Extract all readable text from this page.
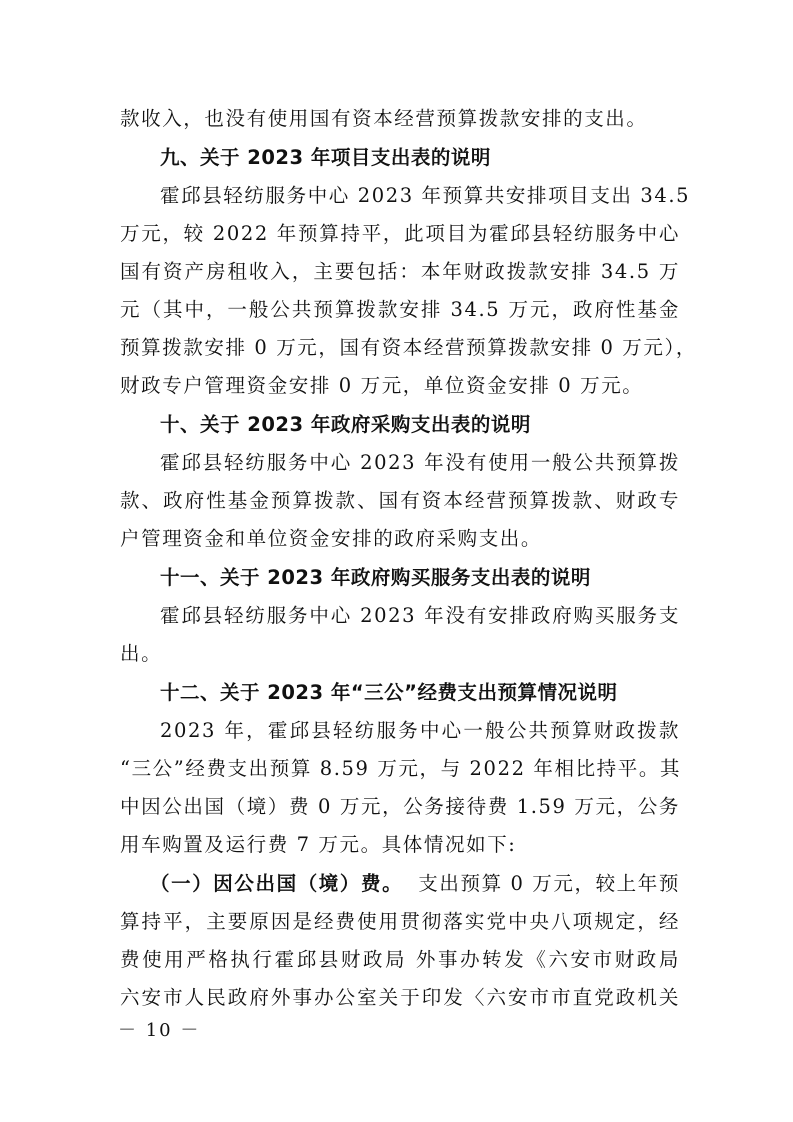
款收入，也没有使用国有资本经营预算拨款安排的支出。
九、关于 2023 年项目支出表的说明
霍邱县轻纺服务中心 2023 年预算共安排项目支出 34.5
万元，较 2022 年预算持平，此项目为霍邱县轻纺服务中心
国有资产房租收入，主要包括：本年财政拨款安排 34.5 万
元（其中，一般公共预算拨款安排 34.5 万元，政府性基金
预算拨款安排 0 万元，国有资本经营预算拨款安排 0 万元），
财政专户管理资金安排 0 万元，单位资金安排 0 万元。
十、关于 2023 年政府采购支出表的说明
霍邱县轻纺服务中心 2023 年没有使用一般公共预算拨
款、政府性基金预算拨款、国有资本经营预算拨款、财政专
户管理资金和单位资金安排的政府采购支出。
十一、关于 2023 年政府购买服务支出表的说明
霍邱县轻纺服务中心 2023 年没有安排政府购买服务支
出。
十二、关于 2023 年“三公”经费支出预算情况说明
2023 年，霍邱县轻纺服务中心一般公共预算财政拨款
“三公”经费支出预算 8.59 万元，与 2022 年相比持平。其
中因公出国（境）费 0 万元，公务接待费 1.59 万元，公务
用车购置及运行费 7 万元。具体情况如下:
（一）因公出国（境）费。 支出预算 0 万元，较上年预
算持平，主要原因是经费使用贯彻落实党中央八项规定，经
费使用严格执行霍邱县财政局 外事办转发《六安市财政局
六安市人民政府外事办公室关于印发〈六安市市直党政机关
－ 10 －
